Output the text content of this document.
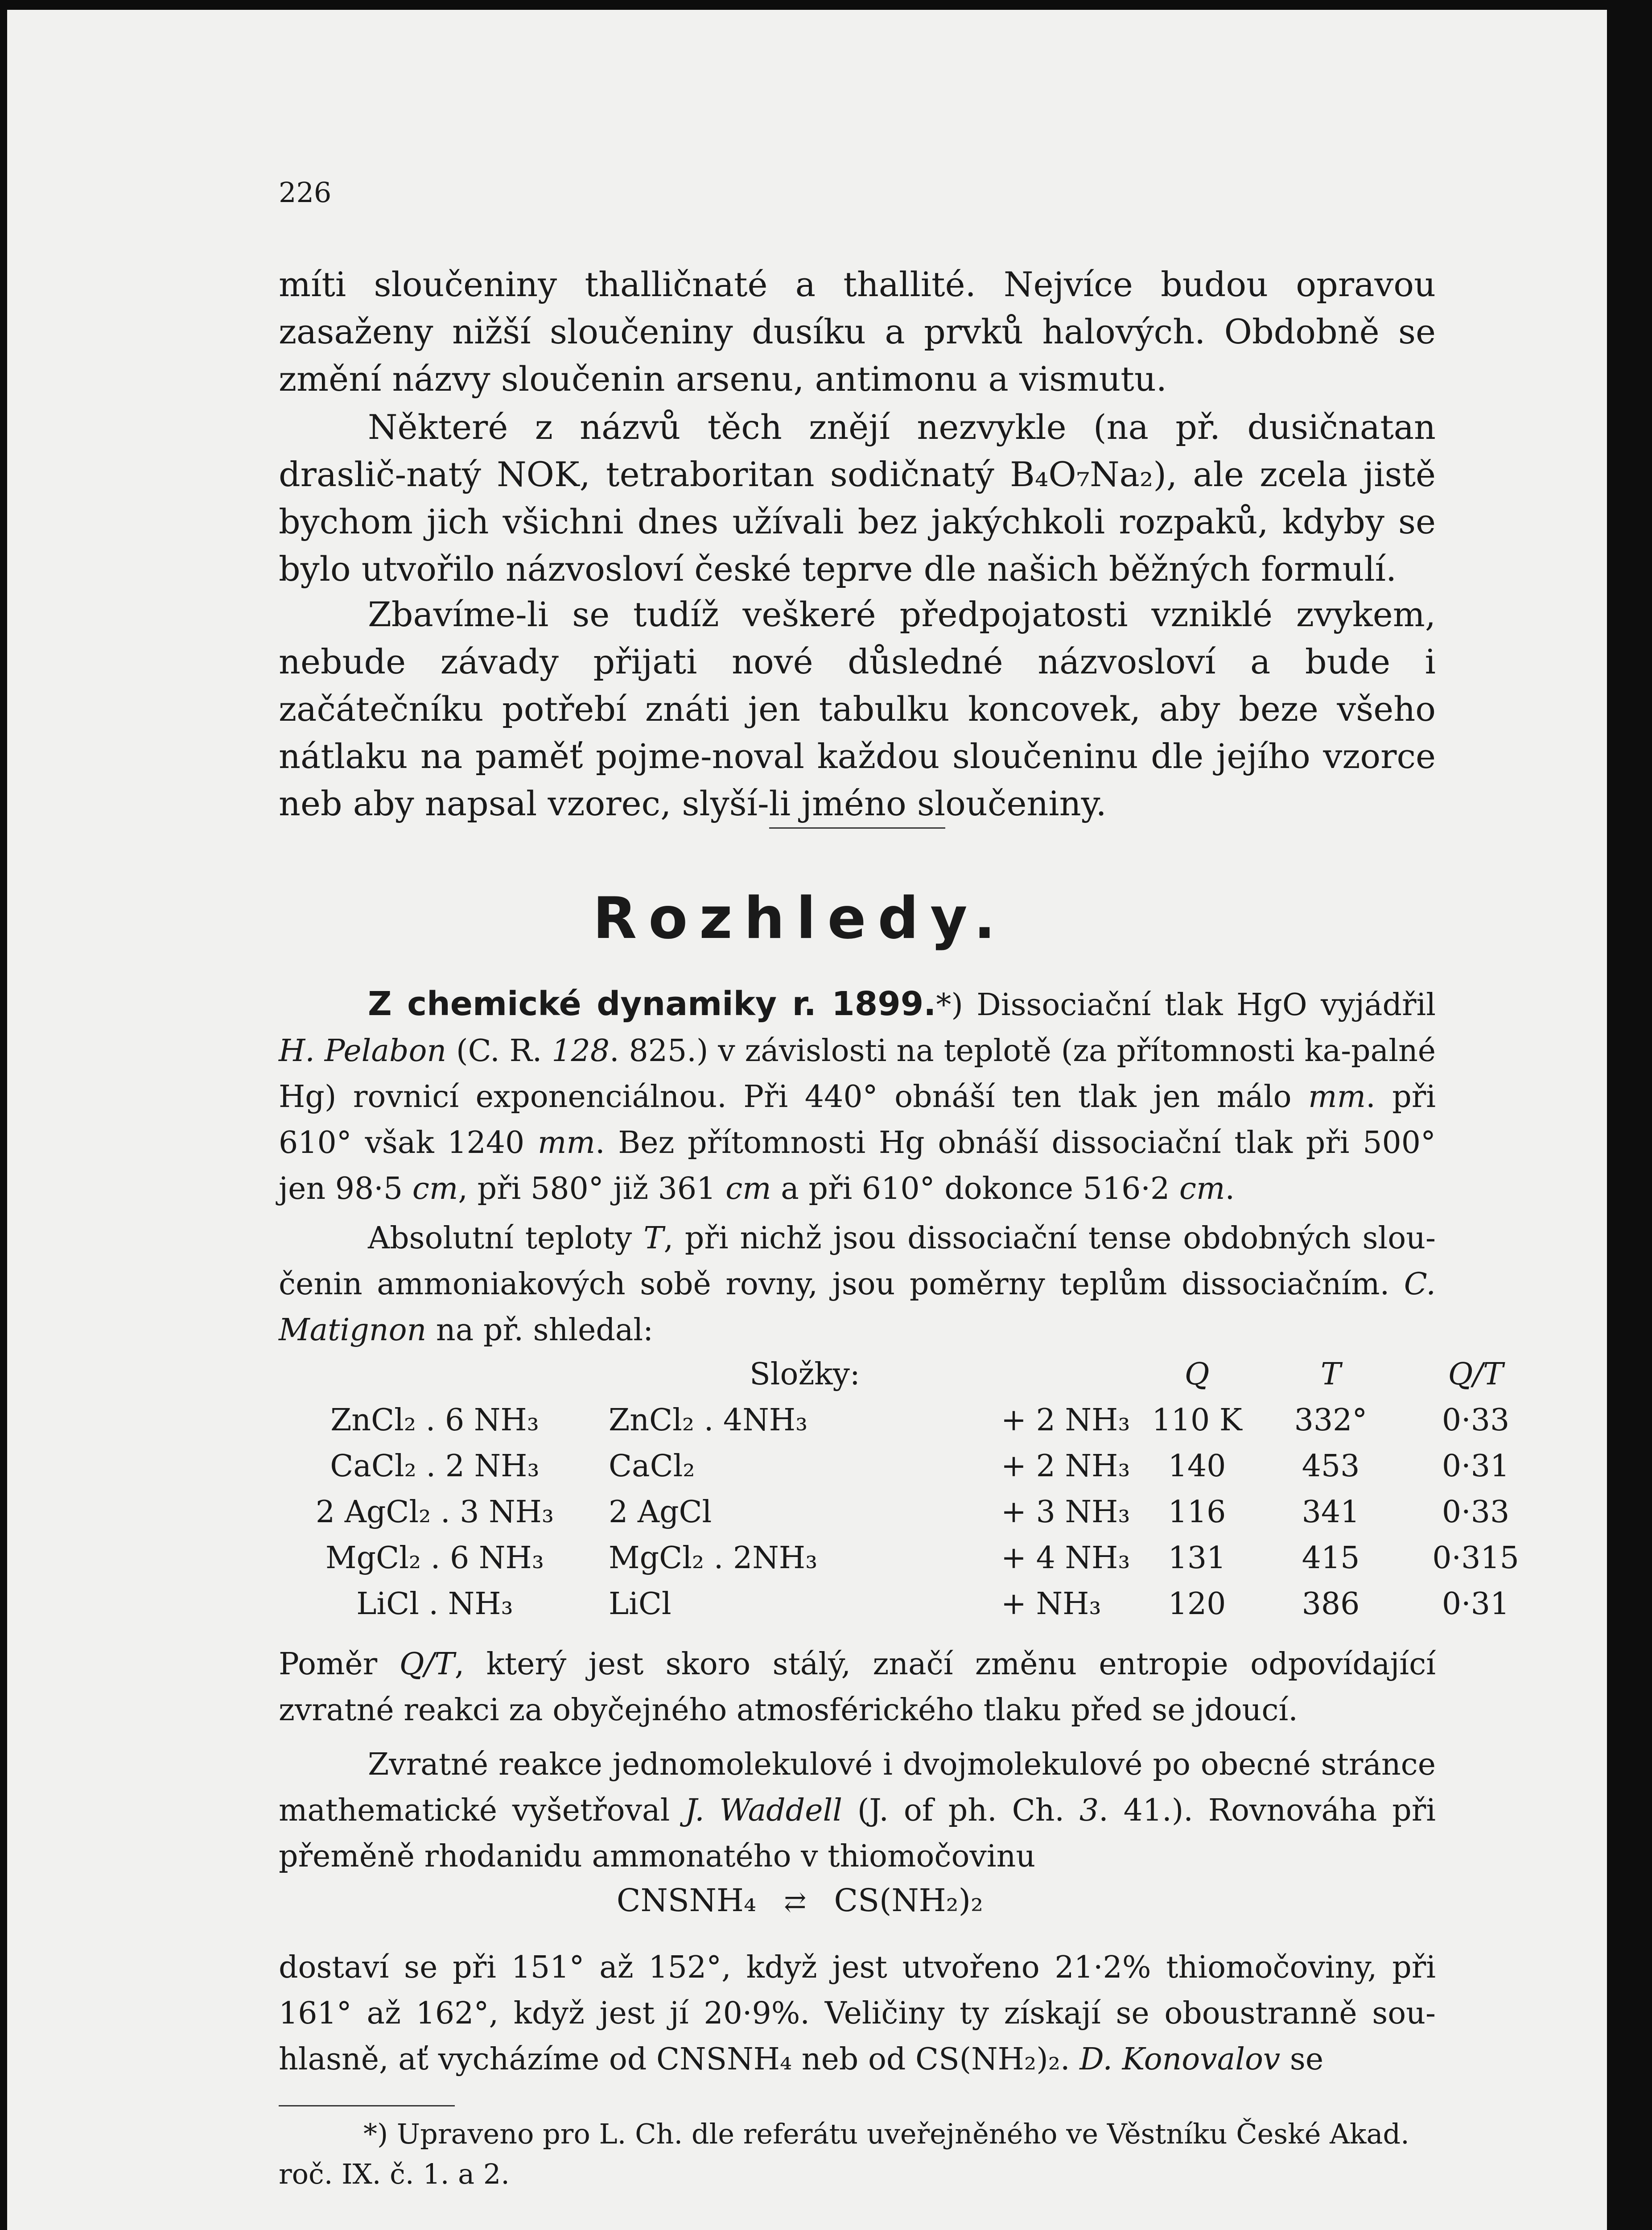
226

míti sloučeniny thalličnaté a thallité. Nejvíce budou opravou zasaženy nižší sloučeniny dusíku a prvků halových. Obdobně se změní názvy sloučenin arsenu, antimonu a vismutu.

Některé z názvů těch znějí nezvykle (na př. dusičnatan draslič-natý NOK, tetraboritan sodičnatý B₄O₇Na₂), ale zcela jistě bychom jich všichni dnes užívali bez jakýchkoli rozpaků, kdyby se bylo utvořilo názvosloví české teprve dle našich běžných formulí.

Zbavíme-li se tudíž veškeré předpojatosti vzniklé zvykem, nebude závady přijati nové důsledné názvosloví a bude i začátečníku potřebí znáti jen tabulku koncovek, aby beze všeho nátlaku na paměť pojme-noval každou sloučeninu dle jejího vzorce neb aby napsal vzorec, slyší-li jméno sloučeniny.

Rozhledy.

Z chemické dynamiky r. 1899.*) Dissociační tlak HgO vyjádřil H. Pelabon (C. R. 128. 825.) v závislosti na teplotě (za přítomnosti ka-palné Hg) rovnicí exponenciálnou. Při 440° obnáší ten tlak jen málo mm. při 610° však 1240 mm. Bez přítomnosti Hg obnáší dissociační tlak při 500° jen 98·5 cm, při 580° již 361 cm a při 610° dokonce 516·2 cm.

Absolutní teploty T, při nichž jsou dissociační tense obdobných slou-čenin ammoniakových sobě rovny, jsou poměrny teplům dissociačním. C. Matignon na př. shledal:

	Složky:		Q	T	Q/T
ZnCl₂ . 6 NH₃	ZnCl₂ . 4NH₃	+ 2 NH₃	110 K	332°	0·33
CaCl₂ . 2 NH₃	CaCl₂	+ 2 NH₃	140	453	0·31
2 AgCl₂ . 3 NH₃	2 AgCl	+ 3 NH₃	116	341	0·33
MgCl₂ . 6 NH₃	MgCl₂ . 2NH₃	+ 4 NH₃	131	415	0·315
LiCl . NH₃	LiCl	+ NH₃	120	386	0·31

Poměr Q/T, který jest skoro stálý, značí změnu entropie odpovídající zvratné reakci za obyčejného atmosférického tlaku před se jdoucí.

Zvratné reakce jednomolekulové i dvojmolekulové po obecné stránce mathematické vyšetřoval J. Waddell (J. of ph. Ch. 3. 41.). Rovnováha při přeměně rhodanidu ammonatého v thiomočovinu

CNSNH₄ ⇄ CS(NH₂)₂

dostaví se při 151° až 152°, když jest utvořeno 21·2% thiomočoviny, při 161° až 162°, když jest jí 20·9%. Veličiny ty získají se oboustranně sou-hlasně, ať vycházíme od CNSNH₄ neb od CS(NH₂)₂. D. Konovalov se

*) Upraveno pro L. Ch. dle referátu uveřejněného ve Věstníku České Akad. roč. IX. č. 1. a 2.
